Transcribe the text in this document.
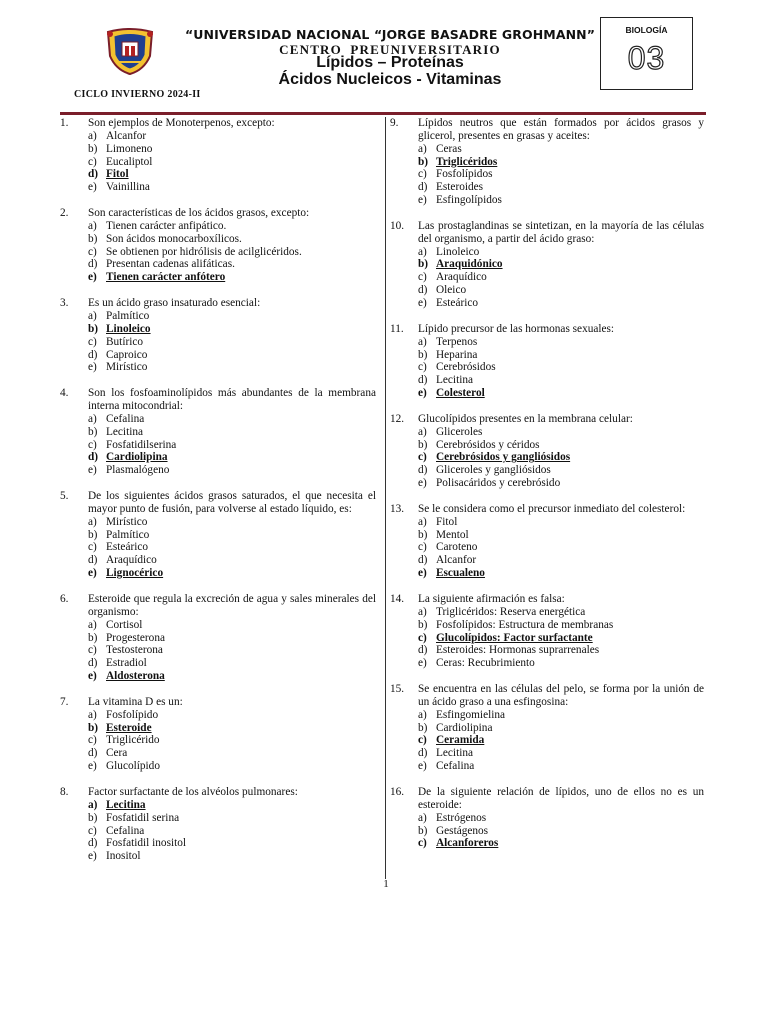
“UNIVERSIDAD NACIONAL “JORGE BASADRE GROHMANN”
CENTRO PREUNIVERSITARIO
Lípidos – Proteínas
Ácidos Nucleicos - Vitaminas
CICLO INVIERNO 2024-II
BIOLOGÍA
03
1.	Son ejemplos de Monoterpenos, excepto:
a) Alcanfor
b) Limoneno
c) Eucaliptol
d) Fitol
e) Vainillina
2.	Son características de los ácidos grasos, excepto:
a) Tienen carácter anfipático.
b) Son ácidos monocarboxílicos.
c) Se obtienen por hidrólisis de acilglicéridos.
d) Presentan cadenas alifáticas.
e) Tienen carácter anfótero
3.	Es un ácido graso insaturado esencial:
a) Palmítico
b) Linoleico
c) Butírico
d) Caproico
e) Mirístico
4.	Son los fosfoaminolípidos más abundantes de la membrana interna mitocondrial:
a) Cefalina
b) Lecitina
c) Fosfatidilserina
d) Cardiolipina
e) Plasmalógeno
5.	De los siguientes ácidos grasos saturados, el que necesita el mayor punto de fusión, para volverse al estado líquido, es:
a) Mirístico
b) Palmítico
c) Esteárico
d) Araquídico
e) Lignocérico
6.	Esteroide que regula la excreción de agua y sales minerales del organismo:
a) Cortisol
b) Progesterona
c) Testosterona
d) Estradiol
e) Aldosterona
7.	La vitamina D es un:
a) Fosfolípido
b) Esteroide
c) Triglicérido
d) Cera
e) Glucolípido
8.	Factor surfactante de los alvéolos pulmonares:
a) Lecitina
b) Fosfatidil serina
c) Cefalina
d) Fosfatidil inositol
e) Inositol
9.	Lípidos neutros que están formados por ácidos grasos y glicerol, presentes en grasas y aceites:
a) Ceras
b) Triglicéridos
c) Fosfolípidos
d) Esteroides
e) Esfingolípidos
10.	Las prostaglandinas se sintetizan, en la mayoría de las células del organismo, a partir del ácido graso:
a) Linoleico
b) Araquidónico
c) Araquídico
d) Oleico
e) Esteárico
11.	Lípido precursor de las hormonas sexuales:
a) Terpenos
b) Heparina
c) Cerebrósidos
d) Lecitina
e) Colesterol
12.	Glucolípidos presentes en la membrana celular:
a) Gliceroles
b) Cerebrósidos y céridos
c) Cerebrósidos y gangliósidos
d) Gliceroles y gangliósidos
e) Polisacáridos y cerebrósido
13.	Se le considera como el precursor inmediato del colesterol:
a) Fitol
b) Mentol
c) Caroteno
d) Alcanfor
e) Escualeno
14.	La siguiente afirmación es falsa:
a) Triglicéridos: Reserva energética
b) Fosfolípidos: Estructura de membranas
c) Glucolípidos: Factor surfactante
d) Esteroides: Hormonas suprarrenales
e) Ceras: Recubrimiento
15.	Se encuentra en las células del pelo, se forma por la unión de un ácido graso a una esfingosina:
a) Esfingomielina
b) Cardiolipina
c) Ceramida
d) Lecitina
e) Cefalina
16.	De la siguiente relación de lípidos, uno de ellos no es un esteroide:
a) Estrógenos
b) Gestágenos
c) Alcanforeros
1
